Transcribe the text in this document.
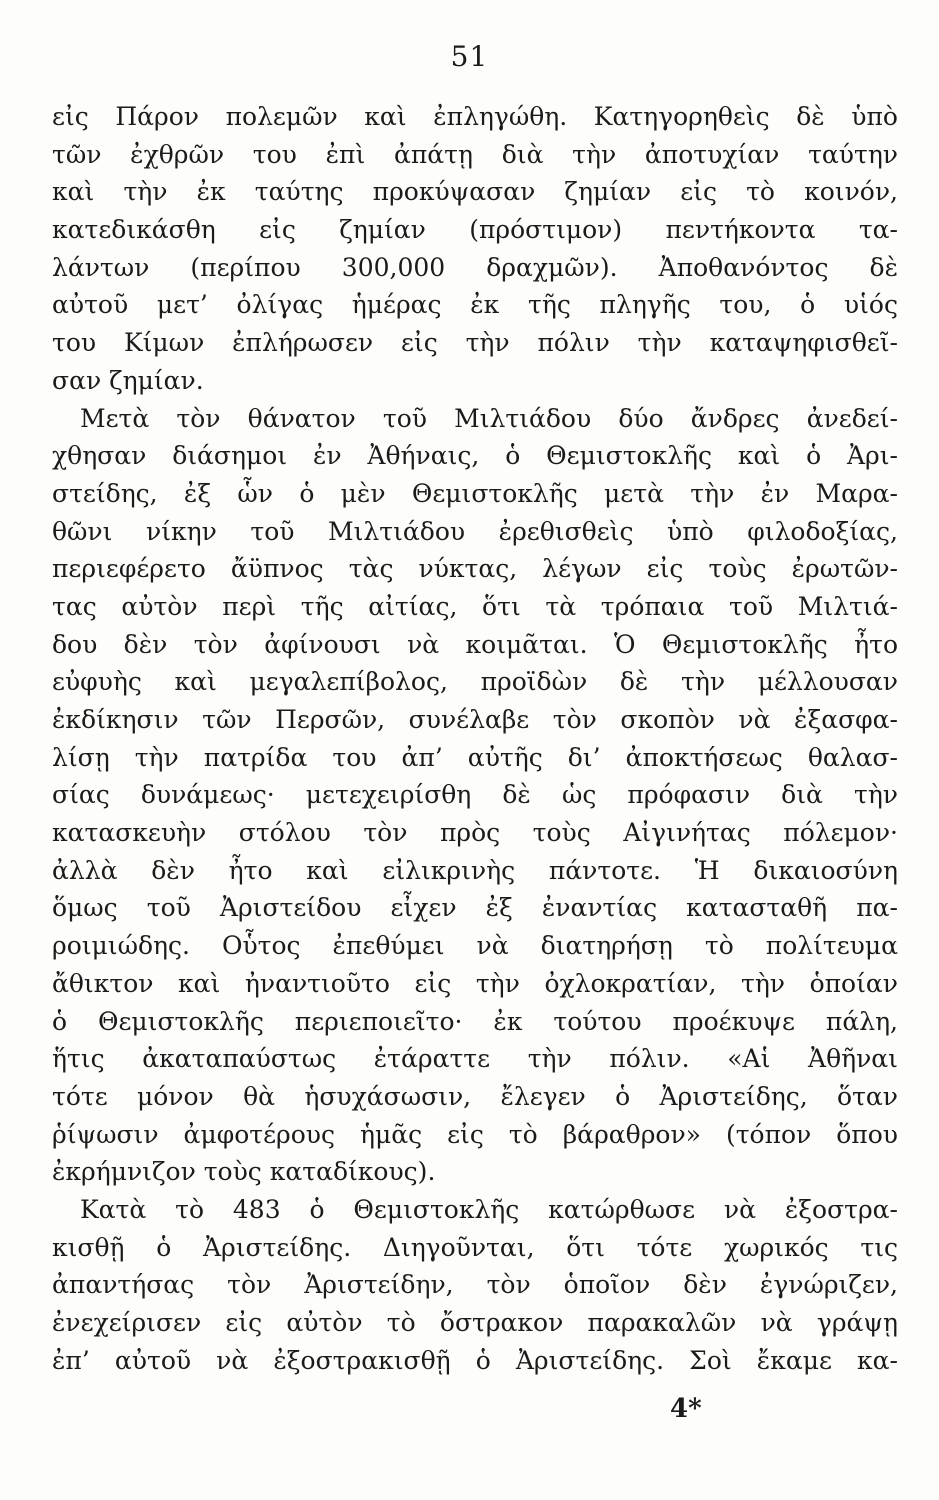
51
εἰς Πάρον πολεμῶν καὶ ἐπληγώθη. Κατηγορηθεὶς δὲ ὑπὸ
τῶν ἐχθρῶν του ἐπὶ ἀπάτῃ διὰ τὴν ἀποτυχίαν ταύτην
καὶ τὴν ἐκ ταύτης προκύψασαν ζημίαν εἰς τὸ κοινόν,
κατεδικάσθη εἰς ζημίαν (πρόστιμον) πεντήκοντα τα-
λάντων (περίπου 300,000 δραχμῶν). Ἀποθανόντος δὲ
αὐτοῦ μετ’ ὀλίγας ἡμέρας ἐκ τῆς πληγῆς του, ὁ υἱός
του Κίμων ἐπλήρωσεν εἰς τὴν πόλιν τὴν καταψηφισθεῖ-
σαν ζημίαν.
Μετὰ τὸν θάνατον τοῦ Μιλτιάδου δύο ἄνδρες ἀνεδεί-
χθησαν διάσημοι ἐν Ἀθήναις, ὁ Θεμιστοκλῆς καὶ ὁ Ἀρι-
στείδης, ἐξ ὧν ὁ μὲν Θεμιστοκλῆς μετὰ τὴν ἐν Μαρα-
θῶνι νίκην τοῦ Μιλτιάδου ἐρεθισθεὶς ὑπὸ φιλοδοξίας,
περιεφέρετο ἄϋπνος τὰς νύκτας, λέγων εἰς τοὺς ἐρωτῶν-
τας αὐτὸν περὶ τῆς αἰτίας, ὅτι τὰ τρόπαια τοῦ Μιλτιά-
δου δὲν τὸν ἀφίνουσι νὰ κοιμᾶται. Ὁ Θεμιστοκλῆς ἦτο
εὐφυὴς καὶ μεγαλεπίβολος, προϊδὼν δὲ τὴν μέλλουσαν
ἐκδίκησιν τῶν Περσῶν, συνέλαβε τὸν σκοπὸν νὰ ἐξασφα-
λίσῃ τὴν πατρίδα του ἀπ’ αὐτῆς δι’ ἀποκτήσεως θαλασ-
σίας δυνάμεως· μετεχειρίσθη δὲ ὡς πρόφασιν διὰ τὴν
κατασκευὴν στόλου τὸν πρὸς τοὺς Αἰγινήτας πόλεμον·
ἀλλὰ δὲν ἦτο καὶ εἰλικρινὴς πάντοτε. Ἡ δικαιοσύνη
ὅμως τοῦ Ἀριστείδου εἶχεν ἐξ ἐναντίας κατασταθῆ πα-
ροιμιώδης. Οὗτος ἐπεθύμει νὰ διατηρήσῃ τὸ πολίτευμα
ἄθικτον καὶ ἠναντιοῦτο εἰς τὴν ὀχλοκρατίαν, τὴν ὁποίαν
ὁ Θεμιστοκλῆς περιεποιεῖτο· ἐκ τούτου προέκυψε πάλη,
ἥτις ἀκαταπαύστως ἐτάραττε τὴν πόλιν. «Αἱ Ἀθῆναι
τότε μόνον θὰ ἡσυχάσωσιν, ἔλεγεν ὁ Ἀριστείδης, ὅταν
ῥίψωσιν ἀμφοτέρους ἡμᾶς εἰς τὸ βάραθρον» (τόπον ὅπου
ἐκρήμνιζον τοὺς καταδίκους).
Κατὰ τὸ 483 ὁ Θεμιστοκλῆς κατώρθωσε νὰ ἐξοστρα-
κισθῇ ὁ Ἀριστείδης. Διηγοῦνται, ὅτι τότε χωρικός τις
ἀπαντήσας τὸν Ἀριστείδην, τὸν ὁποῖον δὲν ἐγνώριζεν,
ἐνεχείρισεν εἰς αὐτὸν τὸ ὄστρακον παρακαλῶν νὰ γράψῃ
ἐπ’ αὐτοῦ νὰ ἐξοστρακισθῇ ὁ Ἀριστείδης. Σοὶ ἔκαμε κα-
4*
